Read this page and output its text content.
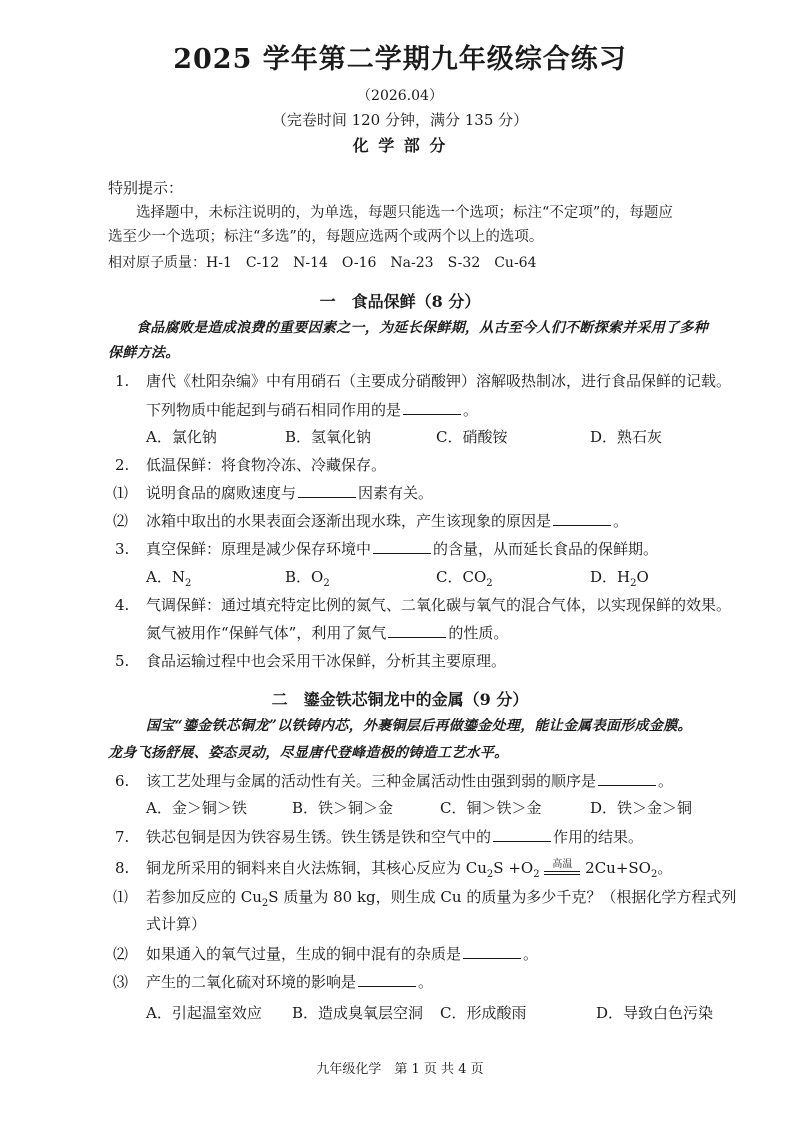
2025 学年第二学期九年级综合练习
（2026.04）
（完卷时间 120 分钟，满分 135 分）
化 学 部 分
特别提示：
选择题中，未标注说明的，为单选，每题只能选一个选项；标注“不定项”的，每题应
选至少一个选项；标注“多选”的，每题应选两个或两个以上的选项。
相对原子质量：H-1　C-12　N-14　O-16　Na-23　S-32　Cu-64
一　食品保鲜（8 分）
食品腐败是造成浪费的重要因素之一，为延长保鲜期，从古至今人们不断探索并采用了多种
保鲜方法。
1. 唐代《杜阳杂编》中有用硝石（主要成分硝酸钾）溶解吸热制冰，进行食品保鲜的记载。
下列物质中能起到与硝石相同作用的是	。
A．氯化钠	B．氢氧化钠	C．硝酸铵	D．熟石灰
2. 低温保鲜：将食物冷冻、冷藏保存。
⑴ 说明食品的腐败速度与	因素有关。
⑵ 冰箱中取出的水果表面会逐渐出现水珠，产生该现象的原因是	。
3. 真空保鲜：原理是减少保存环境中	的含量，从而延长食品的保鲜期。
A．$N_2$	B．$O_2$	C．$CO_2$	D．$H_2O$
4. 气调保鲜：通过填充特定比例的氮气、二氧化碳与氧气的混合气体，以实现保鲜的效果。
氮气被用作“保鲜气体”，利用了氮气	的性质。
5. 食品运输过程中也会采用干冰保鲜，分析其主要原理。
二　鎏金铁芯铜龙中的金属（9 分）
国宝“鎏金铁芯铜龙”以铁铸内芯，外裹铜层后再做鎏金处理，能让金属表面形成金膜。
龙身飞扬舒展、姿态灵动，尽显唐代登峰造极的铸造工艺水平。
6. 该工艺处理与金属的活动性有关。三种金属活动性由强到弱的顺序是	。
A．金＞铜＞铁	B．铁＞铜＞金	C．铜＞铁＞金	D．铁＞金＞铜
7. 铁芯包铜是因为铁容易生锈。铁生锈是铁和空气中的	作用的结果。
8. 铜龙所采用的铜料来自火法炼铜，其核心反应为 $Cu_2S +O_2$ 高温 $2Cu+SO_2$。
⑴ 若参加反应的 $Cu_2S$ 质量为 80 kg，则生成 Cu 的质量为多少千克？（根据化学方程式列
式计算）
⑵ 如果通入的氧气过量，生成的铜中混有的杂质是	。
⑶ 产生的二氧化硫对环境的影响是	。
A．引起温室效应 B．造成臭氧层空洞 C．形成酸雨	D．导致白色污染
九年级化学　第 1 页 共 4 页
